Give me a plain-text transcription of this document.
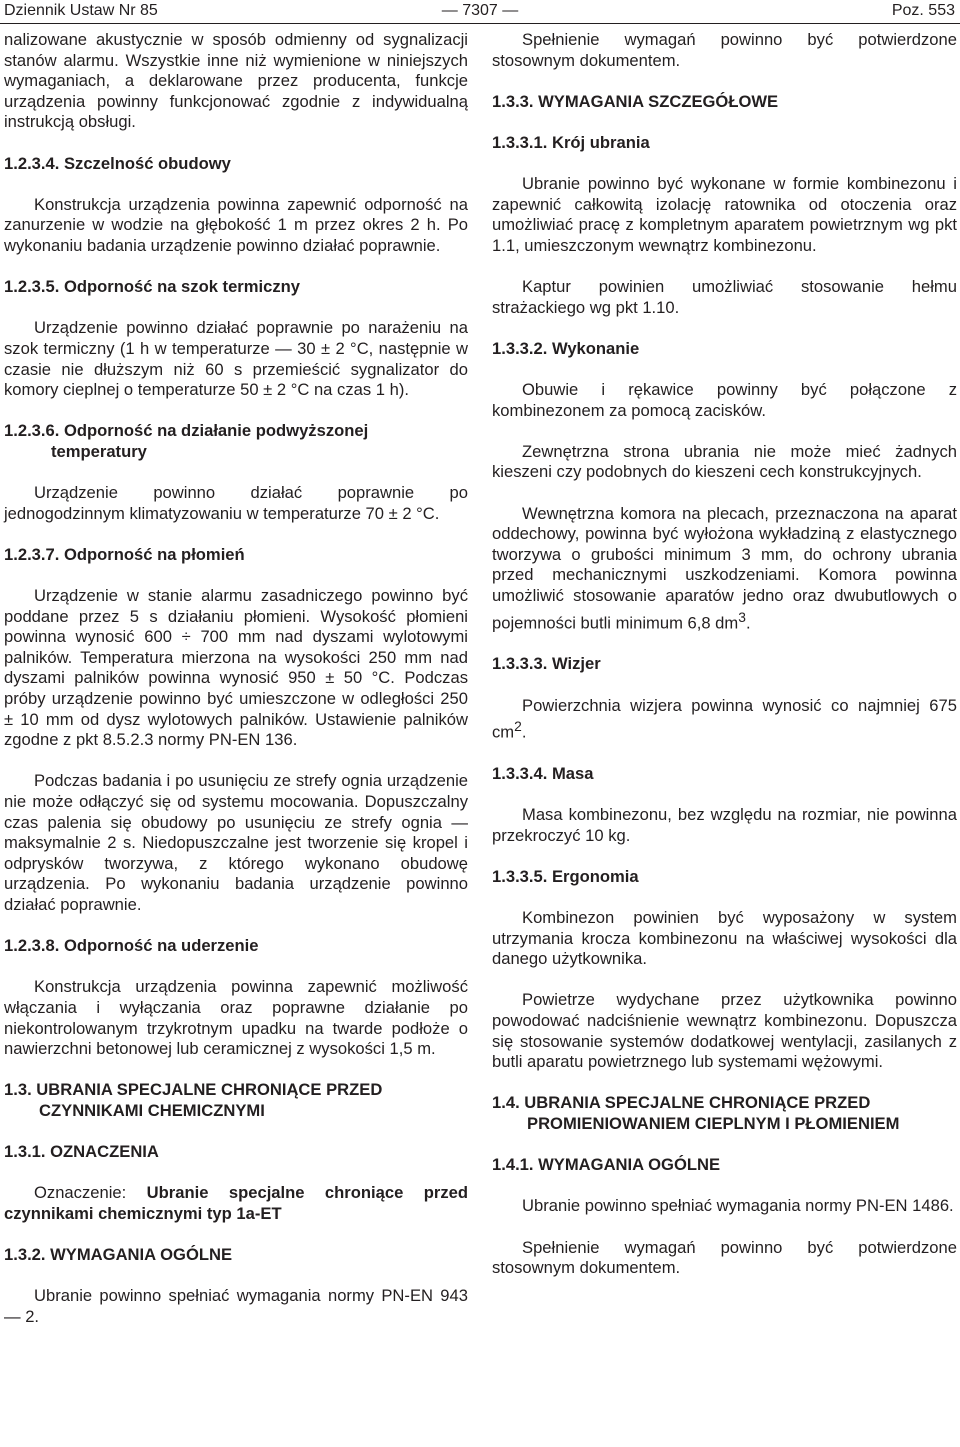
Dziennik Ustaw Nr 85	— 7307 —	Poz. 553

nalizowane akustycznie w sposób odmienny od sygnalizacji stanów alarmu. Wszystkie inne niż wymienione w niniejszych wymaganiach, a deklarowane przez producenta, funkcje urządzenia powinny funkcjonować zgodnie z indywidualną instrukcją obsługi.

1.2.3.4. Szczelność obudowy

Konstrukcja urządzenia powinna zapewnić odporność na zanurzenie w wodzie na głębokość 1 m przez okres 2 h. Po wykonaniu badania urządzenie powinno działać poprawnie.

1.2.3.5. Odporność na szok termiczny

Urządzenie powinno działać poprawnie po narażeniu na szok termiczny (1 h w temperaturze — 30 ± 2 °C, następnie w czasie nie dłuższym niż 60 s przemieścić sygnalizator do komory cieplnej o temperaturze 50 ± 2 °C na czas 1 h).

1.2.3.6. Odporność na działanie podwyższonej temperatury

Urządzenie powinno działać poprawnie po jednogodzinnym klimatyzowaniu w temperaturze 70 ± 2 °C.

1.2.3.7. Odporność na płomień

Urządzenie w stanie alarmu zasadniczego powinno być poddane przez 5 s działaniu płomieni. Wysokość płomieni powinna wynosić 600 ÷ 700 mm nad dyszami wylotowymi palników. Temperatura mierzona na wysokości 250 mm nad dyszami palników powinna wynosić 950 ± 50 °C. Podczas próby urządzenie powinno być umieszczone w odległości 250 ± 10 mm od dysz wylotowych palników. Ustawienie palników zgodne z pkt 8.5.2.3 normy PN-EN 136.

Podczas badania i po usunięciu ze strefy ognia urządzenie nie może odłączyć się od systemu mocowania. Dopuszczalny czas palenia się obudowy po usunięciu ze strefy ognia — maksymalnie 2 s. Niedopuszczalne jest tworzenie się kropel i odprysków tworzywa, z którego wykonano obudowę urządzenia. Po wykonaniu badania urządzenie powinno działać poprawnie.

1.2.3.8. Odporność na uderzenie

Konstrukcja urządzenia powinna zapewnić możliwość włączania i wyłączania oraz poprawne działanie po niekontrolowanym trzykrotnym upadku na twarde podłoże o nawierzchni betonowej lub ceramicznej z wysokości 1,5 m.

1.3. UBRANIA SPECJALNE CHRONIĄCE PRZED CZYNNIKAMI CHEMICZNYMI
1.3.1. OZNACZENIA

Oznaczenie: Ubranie specjalne chroniące przed czynnikami chemicznymi typ 1a-ET

1.3.2. WYMAGANIA OGÓLNE

Ubranie powinno spełniać wymagania normy PN-EN 943 — 2.

Spełnienie wymagań powinno być potwierdzone stosownym dokumentem.

1.3.3. WYMAGANIA SZCZEGÓŁOWE
1.3.3.1. Krój ubrania

Ubranie powinno być wykonane w formie kombinezonu i zapewnić całkowitą izolację ratownika od otoczenia oraz umożliwiać pracę z kompletnym aparatem powietrznym wg pkt 1.1, umieszczonym wewnątrz kombinezonu.

Kaptur powinien umożliwiać stosowanie hełmu strażackiego wg pkt 1.10.

1.3.3.2. Wykonanie

Obuwie i rękawice powinny być połączone z kombinezonem za pomocą zacisków.

Zewnętrzna strona ubrania nie może mieć żadnych kieszeni czy podobnych do kieszeni cech konstrukcyjnych.

Wewnętrzna komora na plecach, przeznaczona na aparat oddechowy, powinna być wyłożona wykładziną z elastycznego tworzywa o grubości minimum 3 mm, do ochrony ubrania przed mechanicznymi uszkodzeniami. Komora powinna umożliwić stosowanie aparatów jedno oraz dwubutlowych o pojemności butli minimum 6,8 $dm^3$.

1.3.3.3. Wizjer

Powierzchnia wizjera powinna wynosić co najmniej 675 $cm^2$.

1.3.3.4. Masa

Masa kombinezonu, bez względu na rozmiar, nie powinna przekroczyć 10 kg.

1.3.3.5. Ergonomia

Kombinezon powinien być wyposażony w system utrzymania krocza kombinezonu na właściwej wysokości dla danego użytkownika.

Powietrze wydychane przez użytkownika powinno powodować nadciśnienie wewnątrz kombinezonu. Dopuszcza się stosowanie systemów dodatkowej wentylacji, zasilanych z butli aparatu powietrznego lub systemami wężowymi.

1.4. UBRANIA SPECJALNE CHRONIĄCE PRZED PROMIENIOWANIEM CIEPLNYM I PŁOMIENIEM
1.4.1. WYMAGANIA OGÓLNE

Ubranie powinno spełniać wymagania normy PN-EN 1486.

Spełnienie wymagań powinno być potwierdzone stosownym dokumentem.
